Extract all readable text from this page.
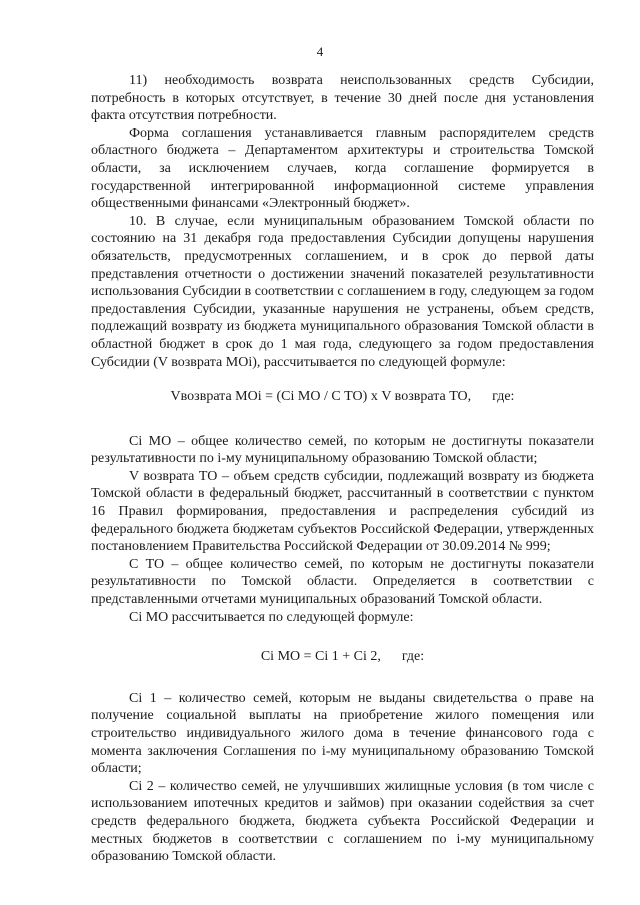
4

11) необходимость возврата неиспользованных средств Субсидии, потребность в которых отсутствует, в течение 30 дней после дня установления факта отсутствия потребности.

Форма соглашения устанавливается главным распорядителем средств областного бюджета – Департаментом архитектуры и строительства Томской области, за исключением случаев, когда соглашение формируется в государственной интегрированной информационной системе управления общественными финансами «Электронный бюджет».

10. В случае, если муниципальным образованием Томской области по состоянию на 31 декабря года предоставления Субсидии допущены нарушения обязательств, предусмотренных соглашением, и в срок до первой даты представления отчетности о достижении значений показателей результативности использования Субсидии в соответствии с соглашением в году, следующем за годом предоставления Субсидии, указанные нарушения не устранены, объем средств, подлежащий возврату из бюджета муниципального образования Томской области в областной бюджет в срок до 1 мая года, следующего за годом предоставления Субсидии (V возврата МОi), рассчитывается по следующей формуле:

Vвозврата МОi = (Ci МО / С ТО) х V возврата ТО,      где:

Ci МО – общее количество семей, по которым не достигнуты показатели результативности по i-му муниципальному образованию Томской области;

V возврата ТО – объем средств субсидии, подлежащий возврату из бюджета Томской области в федеральный бюджет, рассчитанный в соответствии с пунктом 16 Правил формирования, предоставления и распределения субсидий из федерального бюджета бюджетам субъектов Российской Федерации, утвержденных постановлением Правительства Российской Федерации от 30.09.2014 № 999;

С ТО – общее количество семей, по которым не достигнуты показатели результативности по Томской области. Определяется в соответствии с представленными отчетами муниципальных образований Томской области.

Ci МО рассчитывается по следующей формуле:

Ci МО = Ci 1 + Ci 2,      где:

Ci 1 – количество семей, которым не выданы свидетельства о праве на получение социальной выплаты на приобретение жилого помещения или строительство индивидуального жилого дома в течение финансового года с момента заключения Соглашения по i-му муниципальному образованию Томской области;

Ci 2 – количество семей, не улучшивших жилищные условия (в том числе с использованием ипотечных кредитов и займов) при оказании содействия за счет средств федерального бюджета, бюджета субъекта Российской Федерации и местных бюджетов в соответствии с соглашением по i-му муниципальному образованию Томской области.
